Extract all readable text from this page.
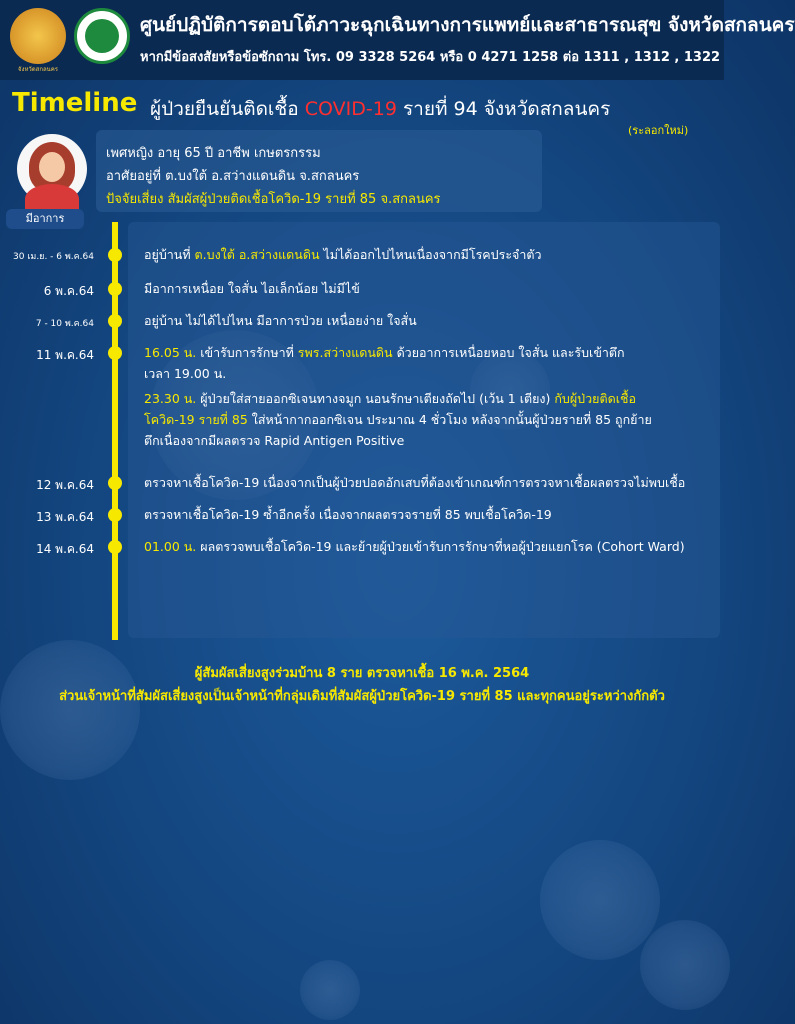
จังหวัดสกลนคร
ศูนย์ปฏิบัติการตอบโต้ภาวะฉุกเฉินทางการแพทย์และสาธารณสุข จังหวัดสกลนคร
หากมีข้อสงสัยหรือข้อซักถาม โทร. 09 3328 5264 หรือ 0 4271 1258 ต่อ 1311 , 1312 , 1322
Timeline ผู้ป่วยยืนยันติดเชื้อ COVID-19 รายที่ 94 จังหวัดสกลนคร
(ระลอกใหม่)
มีอาการ
เพศหญิง อายุ 65 ปี อาชีพ เกษตรกรรม
อาศัยอยู่ที่ ต.บงใต้ อ.สว่างแดนดิน จ.สกลนคร
ปัจจัยเสี่ยง สัมผัสผู้ป่วยติดเชื้อโควิด-19 รายที่ 85 จ.สกลนคร
30 เม.ย. - 6 พ.ค.64	อยู่บ้านที่ ต.บงใต้ อ.สว่างแดนดิน ไม่ได้ออกไปไหนเนื่องจากมีโรคประจำตัว
6 พ.ค.64	มีอาการเหนื่อย ใจสั่น ไอเล็กน้อย ไม่มีไข้
7 - 10 พ.ค.64	อยู่บ้าน ไม่ได้ไปไหน มีอาการป่วย เหนื่อยง่าย ใจสั่น
11 พ.ค.64	16.05 น. เข้ารับการรักษาที่ รพร.สว่างแดนดิน ด้วยอาการเหนื่อยหอบ ใจสั่น และรับเข้าตึก
เวลา 19.00 น.
23.30 น. ผู้ป่วยใส่สายออกซิเจนทางจมูก นอนรักษาเตียงถัดไป (เว้น 1 เตียง) กับผู้ป่วยติดเชื้อ
โควิด-19 รายที่ 85 ใส่หน้ากากออกซิเจน ประมาณ 4 ชั่วโมง หลังจากนั้นผู้ป่วยรายที่ 85 ถูกย้าย
ตึกเนื่องจากมีผลตรวจ Rapid Antigen Positive
12 พ.ค.64	ตรวจหาเชื้อโควิด-19 เนื่องจากเป็นผู้ป่วยปอดอักเสบที่ต้องเข้าเกณฑ์การตรวจหาเชื้อผลตรวจไม่พบเชื้อ
13 พ.ค.64	ตรวจหาเชื้อโควิด-19 ซ้ำอีกครั้ง เนื่องจากผลตรวจรายที่ 85 พบเชื้อโควิด-19
14 พ.ค.64	01.00 น. ผลตรวจพบเชื้อโควิด-19 และย้ายผู้ป่วยเข้ารับการรักษาที่หอผู้ป่วยแยกโรค (Cohort Ward)
ผู้สัมผัสเสี่ยงสูงร่วมบ้าน 8 ราย ตรวจหาเชื้อ 16 พ.ค. 2564
ส่วนเจ้าหน้าที่สัมผัสเสี่ยงสูงเป็นเจ้าหน้าที่กลุ่มเดิมที่สัมผัสผู้ป่วยโควิด-19 รายที่ 85 และทุกคนอยู่ระหว่างกักตัว
